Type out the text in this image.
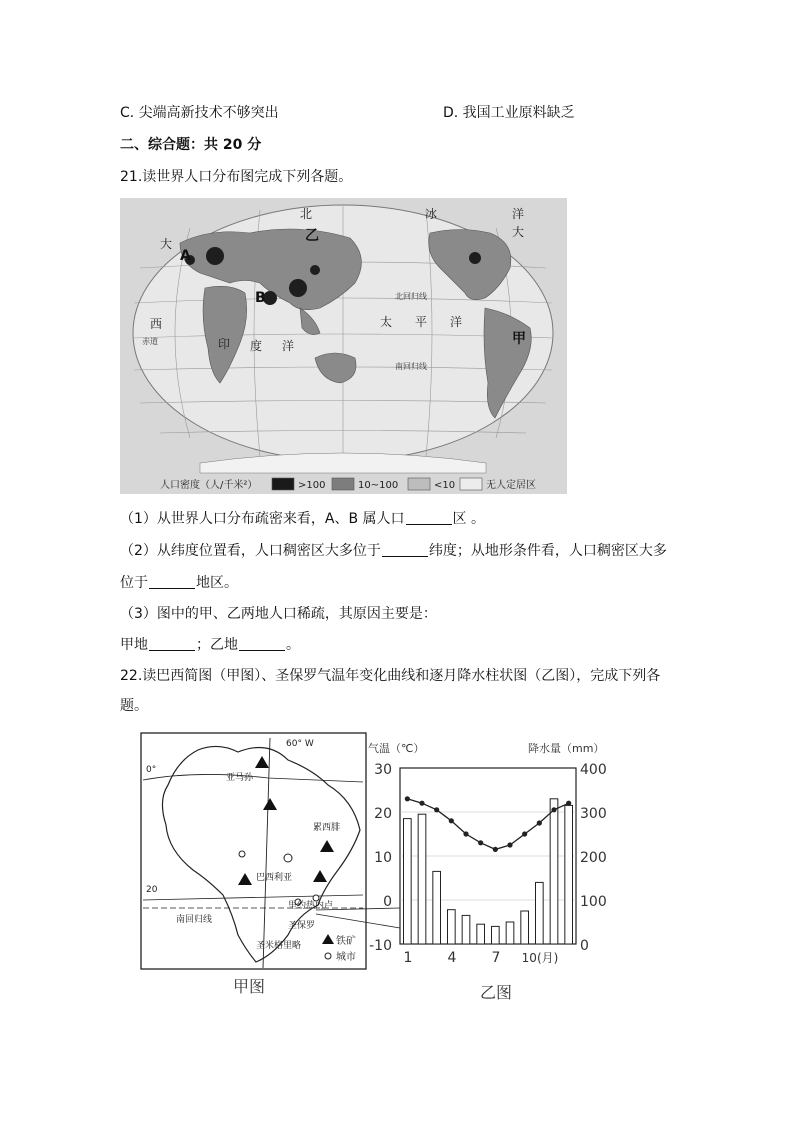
C. 尖端高新技术不够突出	D. 我国工业原料缺乏
二、综合题：共 20 分
21.读世界人口分布图完成下列各题。
北	冰	洋
大
西
印 度 洋
太 平 洋
大
北回归线
赤道
南回归线
A
B
乙
甲
人口密度（人/千米²）	>100	10~100	<10	无人定居区
（1）从世界人口分布疏密来看，A、B 属人口	区 。
（2）从纬度位置看，人口稠密区大多位于	纬度；从地形条件看，人口稠密区大多
位于	地区。
（3）图中的甲、乙两地人口稀疏，其原因主要是：
甲地	；乙地	。
22.读巴西简图（甲图）、圣保罗气温年变化曲线和逐月降水柱状图（乙图），完成下列各
题。
60° W
0°
20
亚马孙
累西腓
巴西利亚
里约热内卢
圣保罗
南回归线
圣米格里略	铁矿
城市
气温（℃）	降水量（mm）
30
20
10
0
-10
400
300
200
100
0
1	4	7 10(月)
甲图	乙图
